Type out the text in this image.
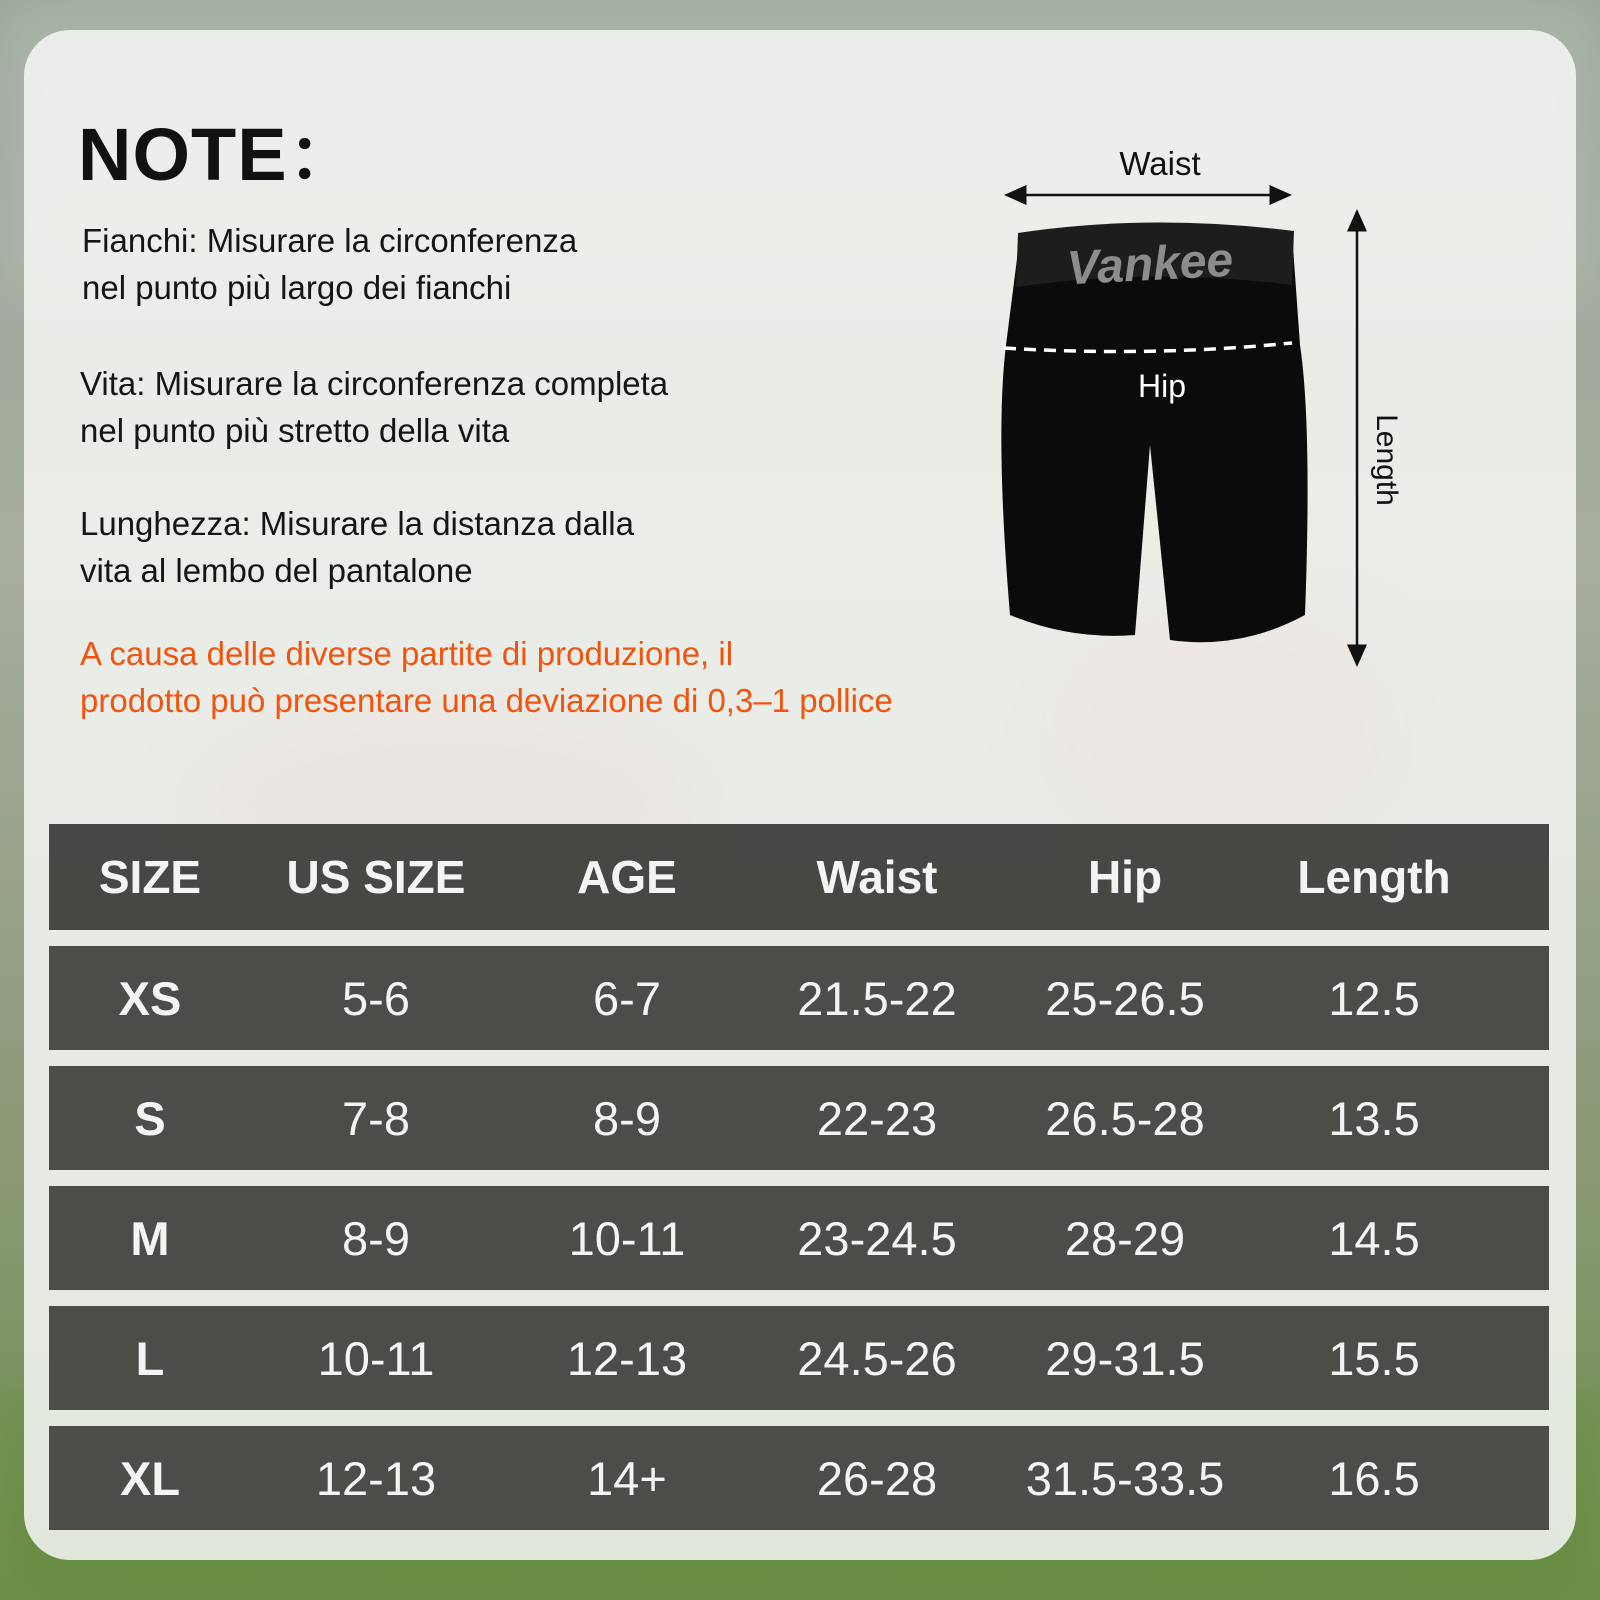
NOTE：
Fianchi: Misurare la circonferenza
nel punto più largo dei fianchi
Vita: Misurare la circonferenza completa
nel punto più stretto della vita
Lunghezza: Misurare la distanza dalla
vita al lembo del pantalone
A causa delle diverse partite di produzione, il
prodotto può presentare una deviazione di 0,3–1 pollice
Waist
Length
Vankee
Hip
SIZE	US SIZE	AGE	Waist	Hip	Length
XS	5-6	6-7	21.5-22	25-26.5	12.5
S	7-8	8-9	22-23	26.5-28	13.5
M	8-9	10-11	23-24.5	28-29	14.5
L	10-11	12-13	24.5-26	29-31.5	15.5
XL	12-13	14+	26-28	31.5-33.5	16.5
